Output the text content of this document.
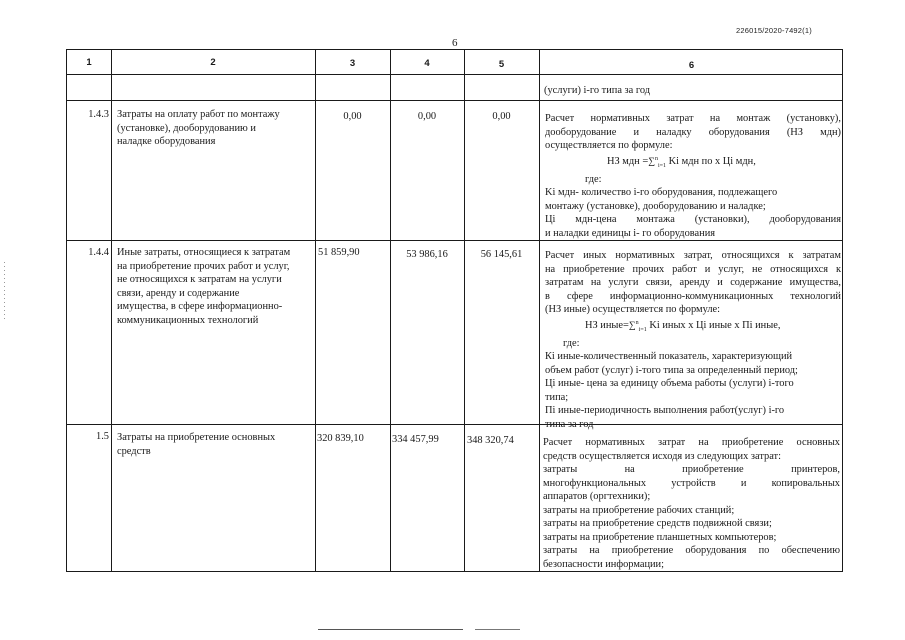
226015/2020-7492(1)
6
1	2	3	4	5	6
(услуги) i-го типа за год
1.4.3 Затраты на оплату работ по монтажу
(установке), дооборудованию и
наладке оборудования
0,00	0,00	0,00	Расчет нормативных затрат на монтаж (установку),
дооборудование и наладку оборудования (НЗ мдн)
осуществляется по формуле:
НЗ мдн =∑$^n_{i=1}$ Ki мдн по x Цi мдн,
где:
Ki мдн- количество i-го оборудования, подлежащего
монтажу (установке), дооборудованию и наладке;
Цi мдн-цена монтажа (установки), дооборудования
и наладки единицы i- го оборудования
1.4.4 Иные затраты, относящиеся к затратам
на приобретение прочих работ и услуг,
не относящихся к затратам на услуги
связи, аренду и содержание
имущества, в сфере информационно-
коммуникационных технологий
51 859,90	53 986,16	56 145,61	Расчет иных нормативных затрат, относящихся к затратам
на приобретение прочих работ и услуг, не относящихся к
затратам на услуги связи, аренду и содержание имущества,
в сфере информационно-коммуникационных технологий
(НЗ иные) осуществляется по формуле:
НЗ иные=∑$^n_{i=1}$ Ki иных x Цi иные x Пi иные,
где:
Кi иные-количественный показатель, характеризующий
объем работ (услуг) i-того типа за определенный период;
Цi иные- цена за единицу объема работы (услуги) i-того
типа;
Пi иные-периодичность выполнения работ(услуг) i-го
типа за год
1.5 Затраты на приобретение основных
средств
320 839,10	334 457,99	348 320,74	Расчет нормативных затрат на приобретение основных
средств осуществляется исходя из следующих затрат:
затраты на приобретение принтеров,
многофункциональных устройств и копировальных
аппаратов (оргтехники);
затраты на приобретение рабочих станций;
затраты на приобретение средств подвижной связи;
затраты на приобретение планшетных компьютеров;
затраты на приобретение оборудования по обеспечению
безопасности информации;
